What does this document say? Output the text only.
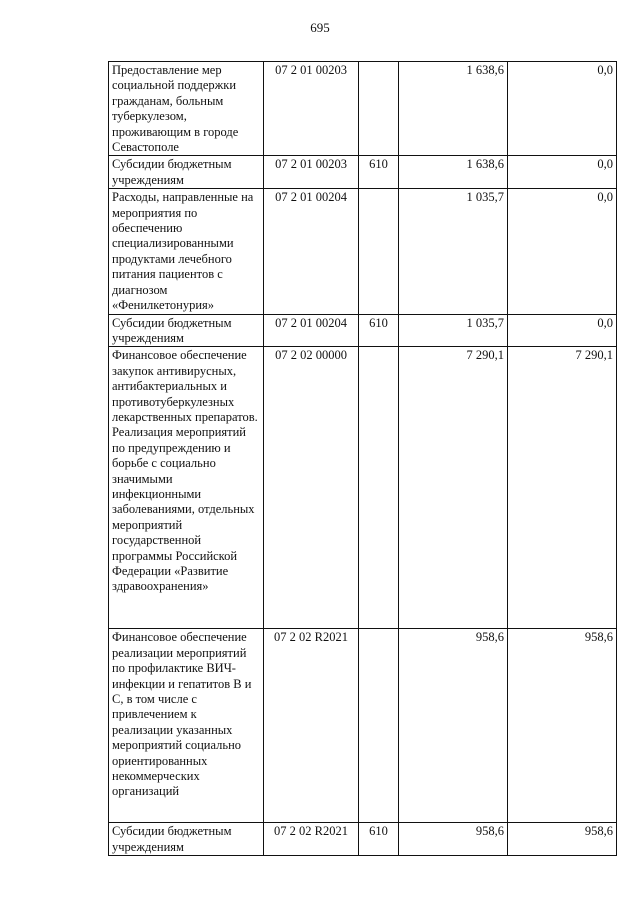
695
Предоставление мер социальной поддержки гражданам, больным туберкулезом, проживающим в городе Севастополе	07 2 01 00203		1 638,6	0,0
Субсидии бюджетным учреждениям	07 2 01 00203	610	1 638,6	0,0
Расходы, направленные на мероприятия по обеспечению специализированными продуктами лечебного питания пациентов с диагнозом «Фенилкетонурия»	07 2 01 00204		1 035,7	0,0
Субсидии бюджетным учреждениям	07 2 01 00204	610	1 035,7	0,0
Финансовое обеспечение закупок антивирусных, антибактериальных и противотуберкулезных лекарственных препаратов. Реализация мероприятий по предупреждению и борьбе с социально значимыми инфекционными заболеваниями, отдельных мероприятий государственной программы Российской Федерации «Развитие здравоохранения»	07 2 02 00000		7 290,1	7 290,1
Финансовое обеспечение реализации мероприятий по профилактике ВИЧ-инфекции и гепатитов В и С, в том числе с привлечением к реализации указанных мероприятий социально ориентированных некоммерческих организаций	07 2 02 R2021		958,6	958,6
Субсидии бюджетным учреждениям	07 2 02 R2021	610	958,6	958,6
